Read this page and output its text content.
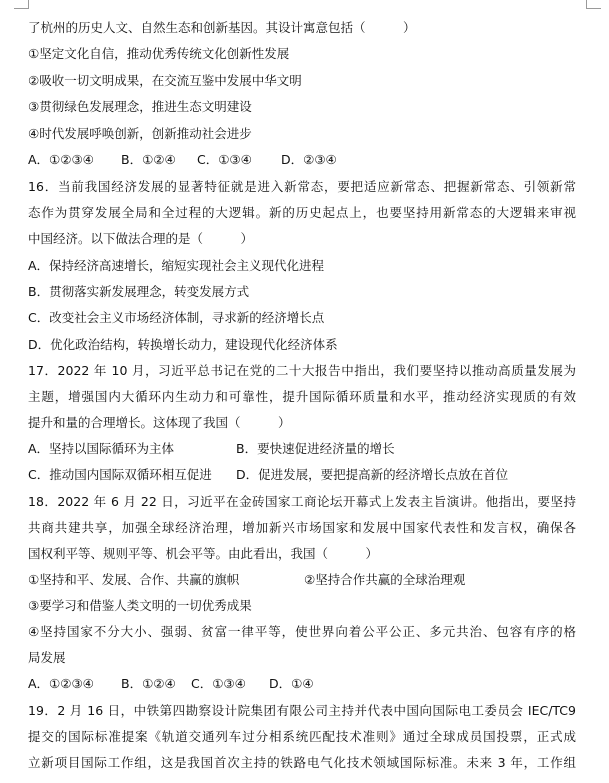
了杭州的历史人文、自然生态和创新基因。其设计寓意包括（　　　）
①坚定文化自信，推动优秀传统文化创新性发展
②吸收一切文明成果，在交流互鉴中发展中华文明
③贯彻绿色发展理念，推进生态文明建设
④时代发展呼唤创新，创新推动社会进步
A．①②③④ B．①②④ C．①③④ D．②③④
16．当前我国经济发展的显著特征就是进入新常态，要把适应新常态、把握新常态、引领新常
态作为贯穿发展全局和全过程的大逻辑。新的历史起点上，也要坚持用新常态的大逻辑来审视
中国经济。以下做法合理的是（　　　）
A．保持经济高速增长，缩短实现社会主义现代化进程
B．贯彻落实新发展理念，转变发展方式
C．改变社会主义市场经济体制，寻求新的经济增长点
D．优化政治结构，转换增长动力，建设现代化经济体系
17．2022 年 10 月，习近平总书记在党的二十大报告中指出，我们要坚持以推动高质量发展为
主题，增强国内大循环内生动力和可靠性，提升国际循环质量和水平，推动经济实现质的有效
提升和量的合理增长。这体现了我国（　　　）
A．坚持以国际循环为主体	B．要快速促进经济量的增长
C．推动国内国际双循环相互促进 D．促进发展，要把提高新的经济增长点放在首位
18．2022 年 6 月 22 日，习近平在金砖国家工商论坛开幕式上发表主旨演讲。他指出，要坚持
共商共建共享，加强全球经济治理，增加新兴市场国家和发展中国家代表性和发言权，确保各
国权利平等、规则平等、机会平等。由此看出，我国（　　　）
①坚持和平、发展、合作、共赢的旗帜	②坚持合作共赢的全球治理观
③要学习和借鉴人类文明的一切优秀成果
④坚持国家不分大小、强弱、贫富一律平等，使世界向着公平公正、多元共治、包容有序的格
局发展
A．①②③④ B．①②④ C．①③④ D．①④
19．2 月 16 日，中铁第四勘察设计院集团有限公司主持并代表中国向国际电工委员会 IEC/TC9
提交的国际标准提案《轨道交通列车过分相系统匹配技术准则》通过全球成员国投票，正式成
立新项目国际工作组，这是我国首次主持的铁路电气化技术领域国际标准。未来 3 年，工作组
